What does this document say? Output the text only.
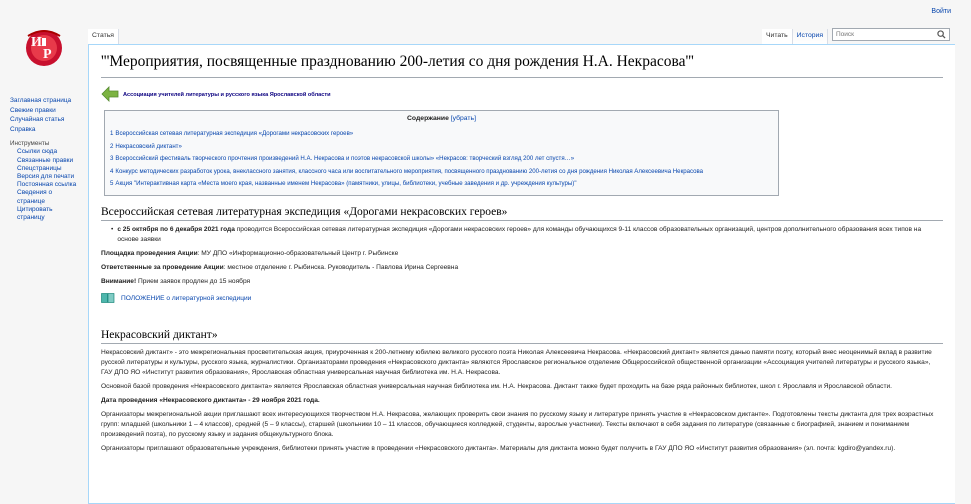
Войти
И
Р
Заглавная страница
Свежие правки
Случайная статья
Справка
Инструменты
Ссылки сюда
Связанные правки
Спецстраницы
Версия для печати
Постоянная ссылка
Сведения о странице
Цитировать страницу
Статья	Читать	История
Поиск
'''Мероприятия, посвященные празднованию 200-летия со дня рождения Н.А. Некрасова'''
Ассоциация учителей литературы и русского языка Ярославской области
Содержание [убрать]
1 Всероссийская сетевая литературная экспедиция «Дорогами некрасовских героев»
2 Некрасовский диктант»
3 Всероссийский фестиваль творческого прочтения произведений Н.А. Некрасова и поэтов некрасовской школы» «Некрасов: творческий взгляд 200 лет спустя…»
4 Конкурс методических разработок урока, внеклассного занятия, классного часа или воспитательного мероприятия, посвященного празднованию 200-летия со дня рождения Николая Алексеевича Некрасова
5 Акция "Интерактивная карта «Места моего края, названные именем Некрасова» (памятники, улицы, библиотеки, учебные заведения и др. учреждения культуры)"
Всероссийская сетевая литературная экспедиция «Дорогами некрасовских героев»
• с 25 октября по 6 декабря 2021 года проводится Всероссийская сетевая литературная экспедиция «Дорогами некрасовских героев» для команды обучающихся 9-11 классов образовательных организаций, центров дополнительного образования всех типов на основе заявки

Площадка проведения Акции: МУ ДПО «Информационно-образовательный Центр г. Рыбинске

Ответственные за проведение Акции: местное отделение г. Рыбинска. Руководитель - Павлова Ирина Сергеевна

Внимание! Прием заявок продлен до 15 ноября

ПОЛОЖЕНИЕ о литературной экспедиции
Некрасовский диктант»

Некрасовский диктант» - это межрегиональная просветительская акция, приуроченная к 200-летнему юбилею великого русского поэта Николая Алексеевича Некрасова. «Некрасовский диктант» является данью памяти поэту, который внес неоценимый вклад в развитие русской литературы и культуры, русского языка, журналистики. Организаторами проведения «Некрасовского диктанта» являются Ярославское региональное отделение Общероссийской общественной организации «Ассоциация учителей литературы и русского языка», ГАУ ДПО ЯО «Институт развития образования», Ярославская областная универсальная научная библиотека им. Н.А. Некрасова.

Основной базой проведения «Некрасовского диктанта» является Ярославская областная универсальная научная библиотека им. Н.А. Некрасова. Диктант также будет проходить на базе ряда районных библиотек, школ г. Ярославля и Ярославской области.

Дата проведения «Некрасовского диктанта» - 29 ноября 2021 года.

Организаторы межрегиональной акции приглашают всех интересующихся творчеством Н.А. Некрасова, желающих проверить свои знания по русскому языку и литературе принять участие в «Некрасовском диктанте». Подготовлены тексты диктанта для трех возрастных групп: младшей (школьники 1 – 4 классов), средней (5 – 9 классы), старшей (школьники 10 – 11 классов, обучающиеся колледжей, студенты, взрослые участники). Тексты включают в себя задания по литературе (связанные с биографией, знанием и пониманием произведений поэта), по русскому языку и задания общекультурного блока.

Организаторы приглашают образовательные учреждения, библиотеки принять участие в проведении «Некрасовского диктанта». Материалы для диктанта можно будет получить в ГАУ ДПО ЯО «Институт развития образования» (эл. почта: kgdiro@yandex.ru).
